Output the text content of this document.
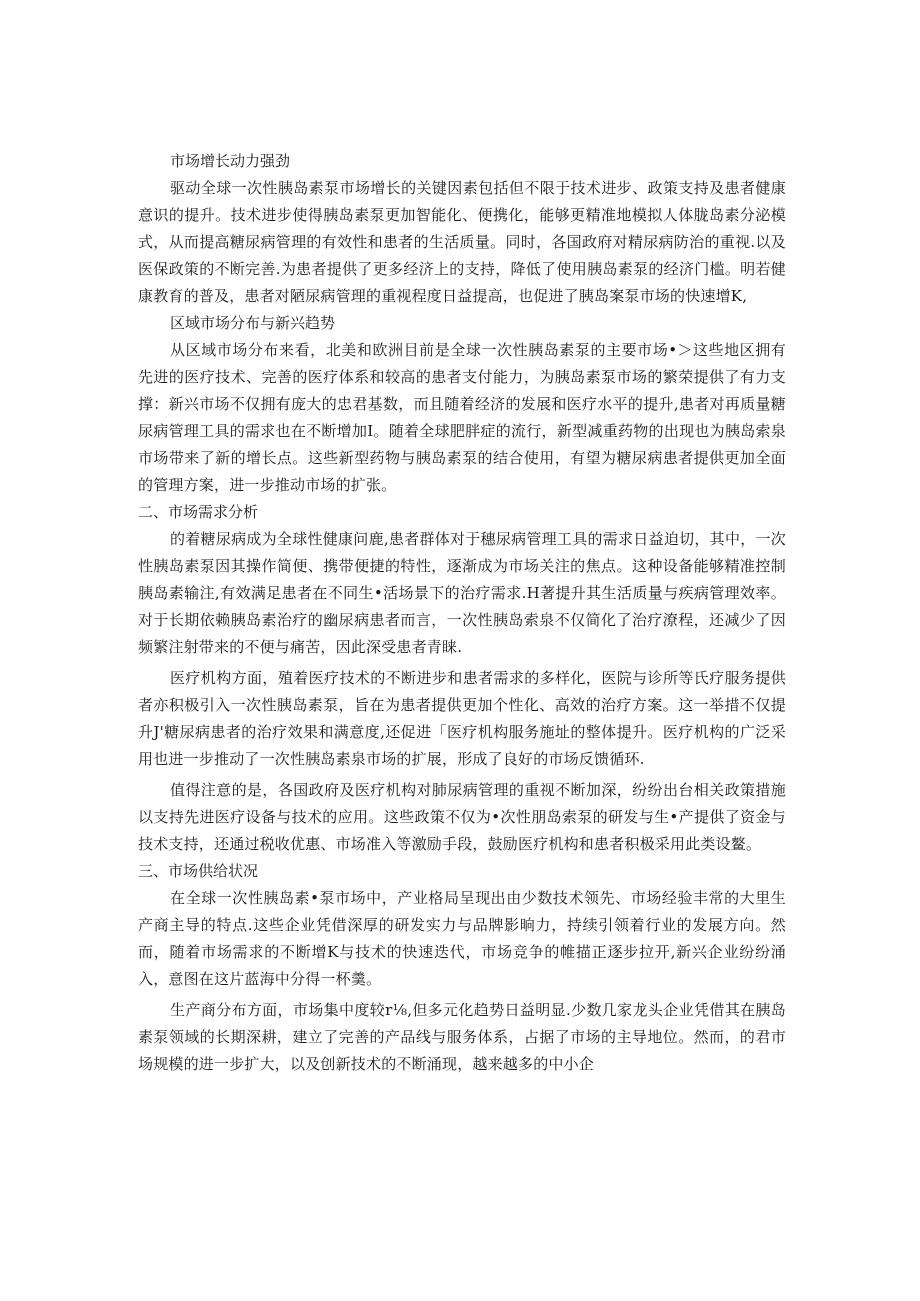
市场增长动力强劲

驱动全球一次性胰岛素泵市场增长的关键因素包括但不限于技术进步、政策支持及患者健康意识的提升。技术进步使得胰岛素泵更加智能化、便携化，能够更精准地模拟人体胧岛素分泌模式，从而提高糖尿病管理的有效性和患者的生活质量。同时，各国政府对精尿病防治的重视.以及医保政策的不断完善.为患者提供了更多经济上的支持，降低了使用胰岛素泵的经济门槛。明若健康教育的普及，患者对陋尿病管理的重视程度日益提高，也促进了胰岛案泵市场的快速增K,

区域市场分布与新兴趋势

从区域市场分布来看，北美和欧洲目前是全球一次性胰岛素泵的主要市场•＞这些地区拥有先进的医疗技术、完善的医疗体系和较高的患者支付能力，为胰岛素泵市场的繁荣提供了有力支撑：新兴市场不仅拥有庞大的忠君基数，而且随着经济的发展和医疗水平的提升,患者对再质量糖尿病管理工具的需求也在不断增加I。随着全球肥胖症的流行，新型减重药物的出现也为胰岛索泉市场带来了新的增长点。这些新型药物与胰岛素泵的结合使用，有望为糖尿病患者提供更加全面的管理方案，进一步推动市场的扩张。

二、市场需求分析

的着糖尿病成为全球性健康问鹿,患者群体对于穗尿病管理工具的需求日益迫切，其中，一次性胰岛素泵因其操作简便、携带便捷的特性，逐渐成为市场关注的焦点。这种设备能够精准控制胰岛素输注,有效满足患者在不同生•活场景下的治疗需求.H著提升其生活质量与疾病管理效率。对于长期依赖胰岛素治疗的幽尿病患者而言，一次性胰岛索泉不仅简化了治疗潦程，还减少了因频繁注射带来的不便与痛苦，因此深受患者青睐.

医疗机构方面，殖着医疗技术的不断进步和患者需求的多样化，医院与诊所等氏疗服务提供者亦积极引入一次性胰岛素泵，旨在为患者提供更加个性化、高效的治疗方案。这一举措不仅提升J'糖尿病患者的治疗效果和满意度,还促进「医疗机构服务施址的整体提升。医疗机构的广泛采用也进一步推动了一次性胰岛素泉市场的扩展，形成了良好的市场反馈循环.

值得注意的是，各国政府及医疗机构对肺尿病管理的重视不断加深，纷纷出台相关政策措施以支持先进医疗设备与技术的应用。这些政策不仅为•次性朋岛索泵的研发与生•产提供了资金与技术支持，还通过税收优惠、市场准入等激励手段，鼓励医疗机构和患者积极采用此类设鳌。

三、市场供给状况

在全球一次性胰岛素•泵市场中，产业格局呈现出由少数技术领先、市场经验丰常的大里生产商主导的特点.这些企业凭借深厚的研发实力与品牌影晌力，持续引领着行业的发展方向。然而，随着市场需求的不断增K与技术的快速迭代，市场竞争的帷描正逐步拉开,新兴企业纷纷涌入，意图在这片蓝海中分得一杯羹。

生产商分布方面，市场集中度较r⅛,但多元化趋势日益明显.少数几家龙头企业凭借其在胰岛素泵领域的长期深耕，建立了完善的产品线与服务体系，占据了市场的主导地位。然而，的君市场规模的进一步扩大，以及创新技术的不断涌现，越来越多的中小企
